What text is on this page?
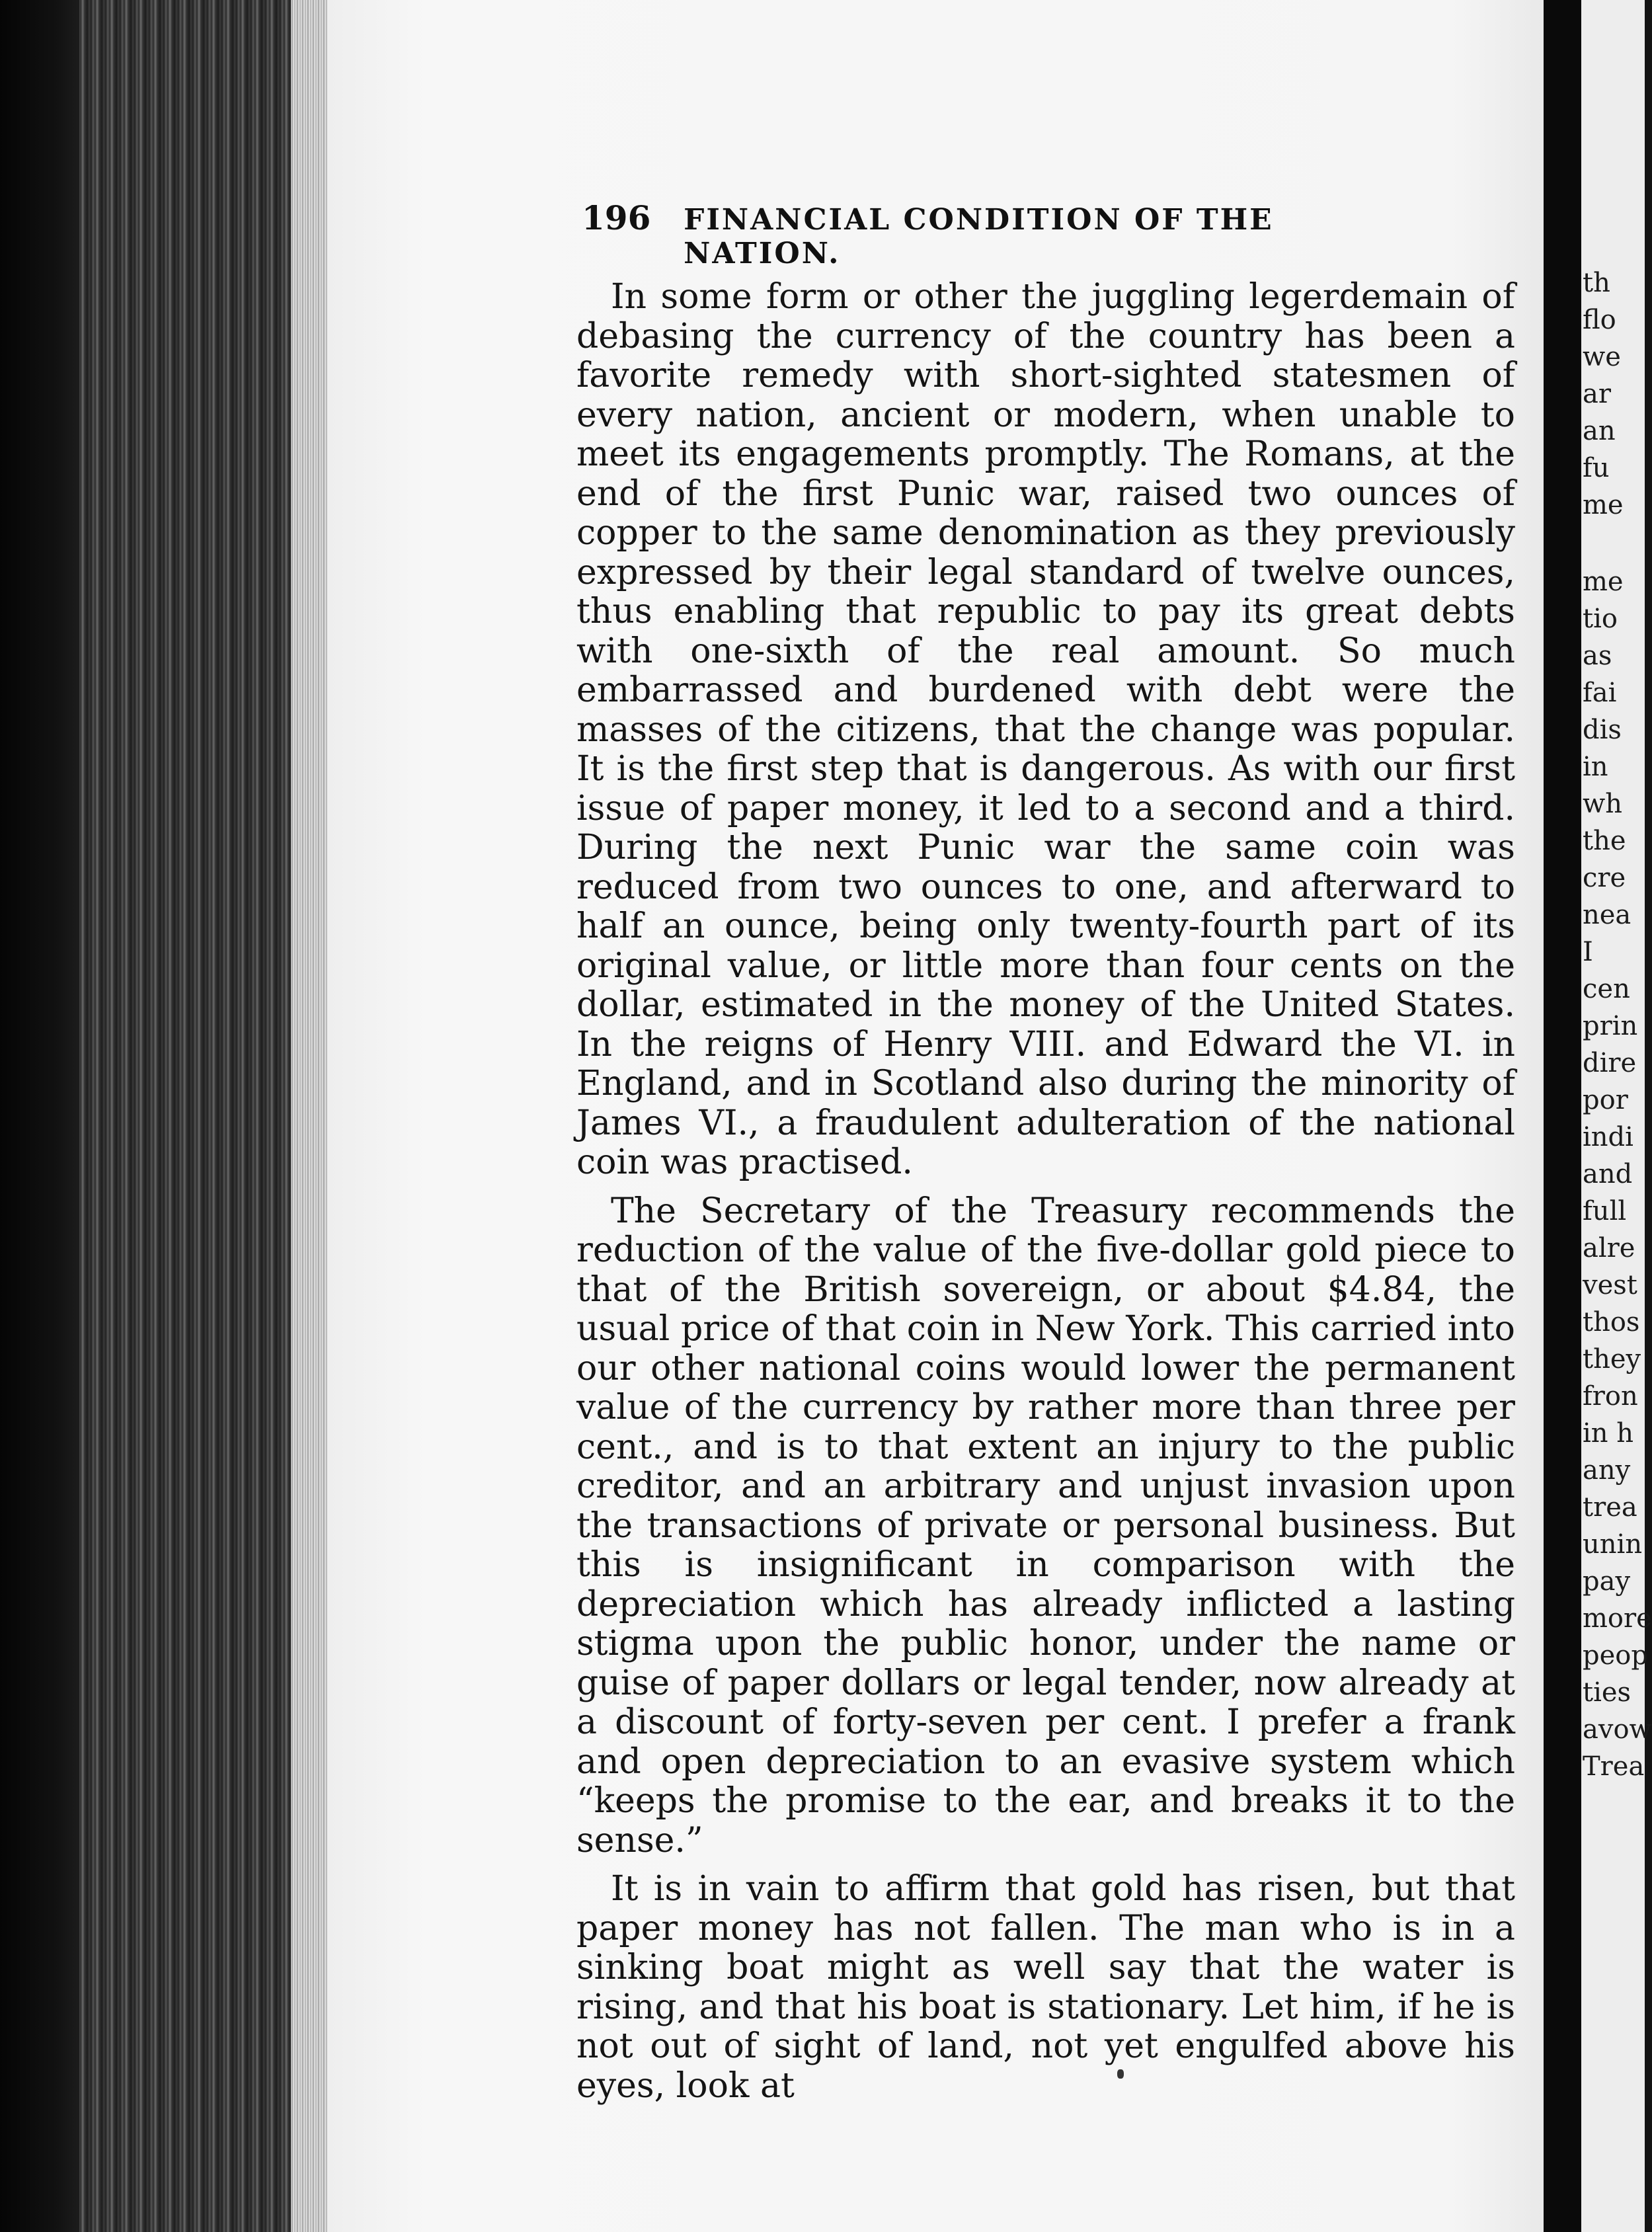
196	FINANCIAL CONDITION OF THE NATION.

In some form or other the juggling legerdemain of debasing the currency of the country has been a favorite remedy with short-sighted statesmen of every nation, ancient or modern, when unable to meet its engagements promptly. The Romans, at the end of the first Punic war, raised two ounces of copper to the same denomination as they previously expressed by their legal standard of twelve ounces, thus enabling that republic to pay its great debts with one-sixth of the real amount. So much embarrassed and burdened with debt were the masses of the citizens, that the change was popular. It is the first step that is dangerous. As with our first issue of paper money, it led to a second and a third. During the next Punic war the same coin was reduced from two ounces to one, and afterward to half an ounce, being only twenty-fourth part of its original value, or little more than four cents on the dollar, estimated in the money of the United States. In the reigns of Henry VIII. and Edward the VI. in England, and in Scotland also during the minority of James VI., a fraudulent adulteration of the national coin was practised.

The Secretary of the Treasury recommends the reduction of the value of the five-dollar gold piece to that of the British sovereign, or about $4.84, the usual price of that coin in New York. This carried into our other national coins would lower the permanent value of the currency by rather more than three per cent., and is to that extent an injury to the public creditor, and an arbitrary and unjust invasion upon the transactions of private or personal business. But this is insignificant in comparison with the depreciation which has already inflicted a lasting stigma upon the public honor, under the name or guise of paper dollars or legal tender, now already at a discount of forty-seven per cent. I prefer a frank and open depreciation to an evasive system which “keeps the promise to the ear, and breaks it to the sense.”

It is in vain to affirm that gold has risen, but that paper money has not fallen. The man who is in a sinking boat might as well say that the water is rising, and that his boat is stationary. Let him, if he is not out of sight of land, not yet engulfed above his eyes, look at

th
flo
we
ar
an
fu
me
me
tio
as
fai
dis
in
wh
the
cre
nea
I
cen
prin
dire
por
indi
and
full
alre
vest
thos
they
fron
in h
any
trea
unin
pay
more
peop
ties
avow
Trea
